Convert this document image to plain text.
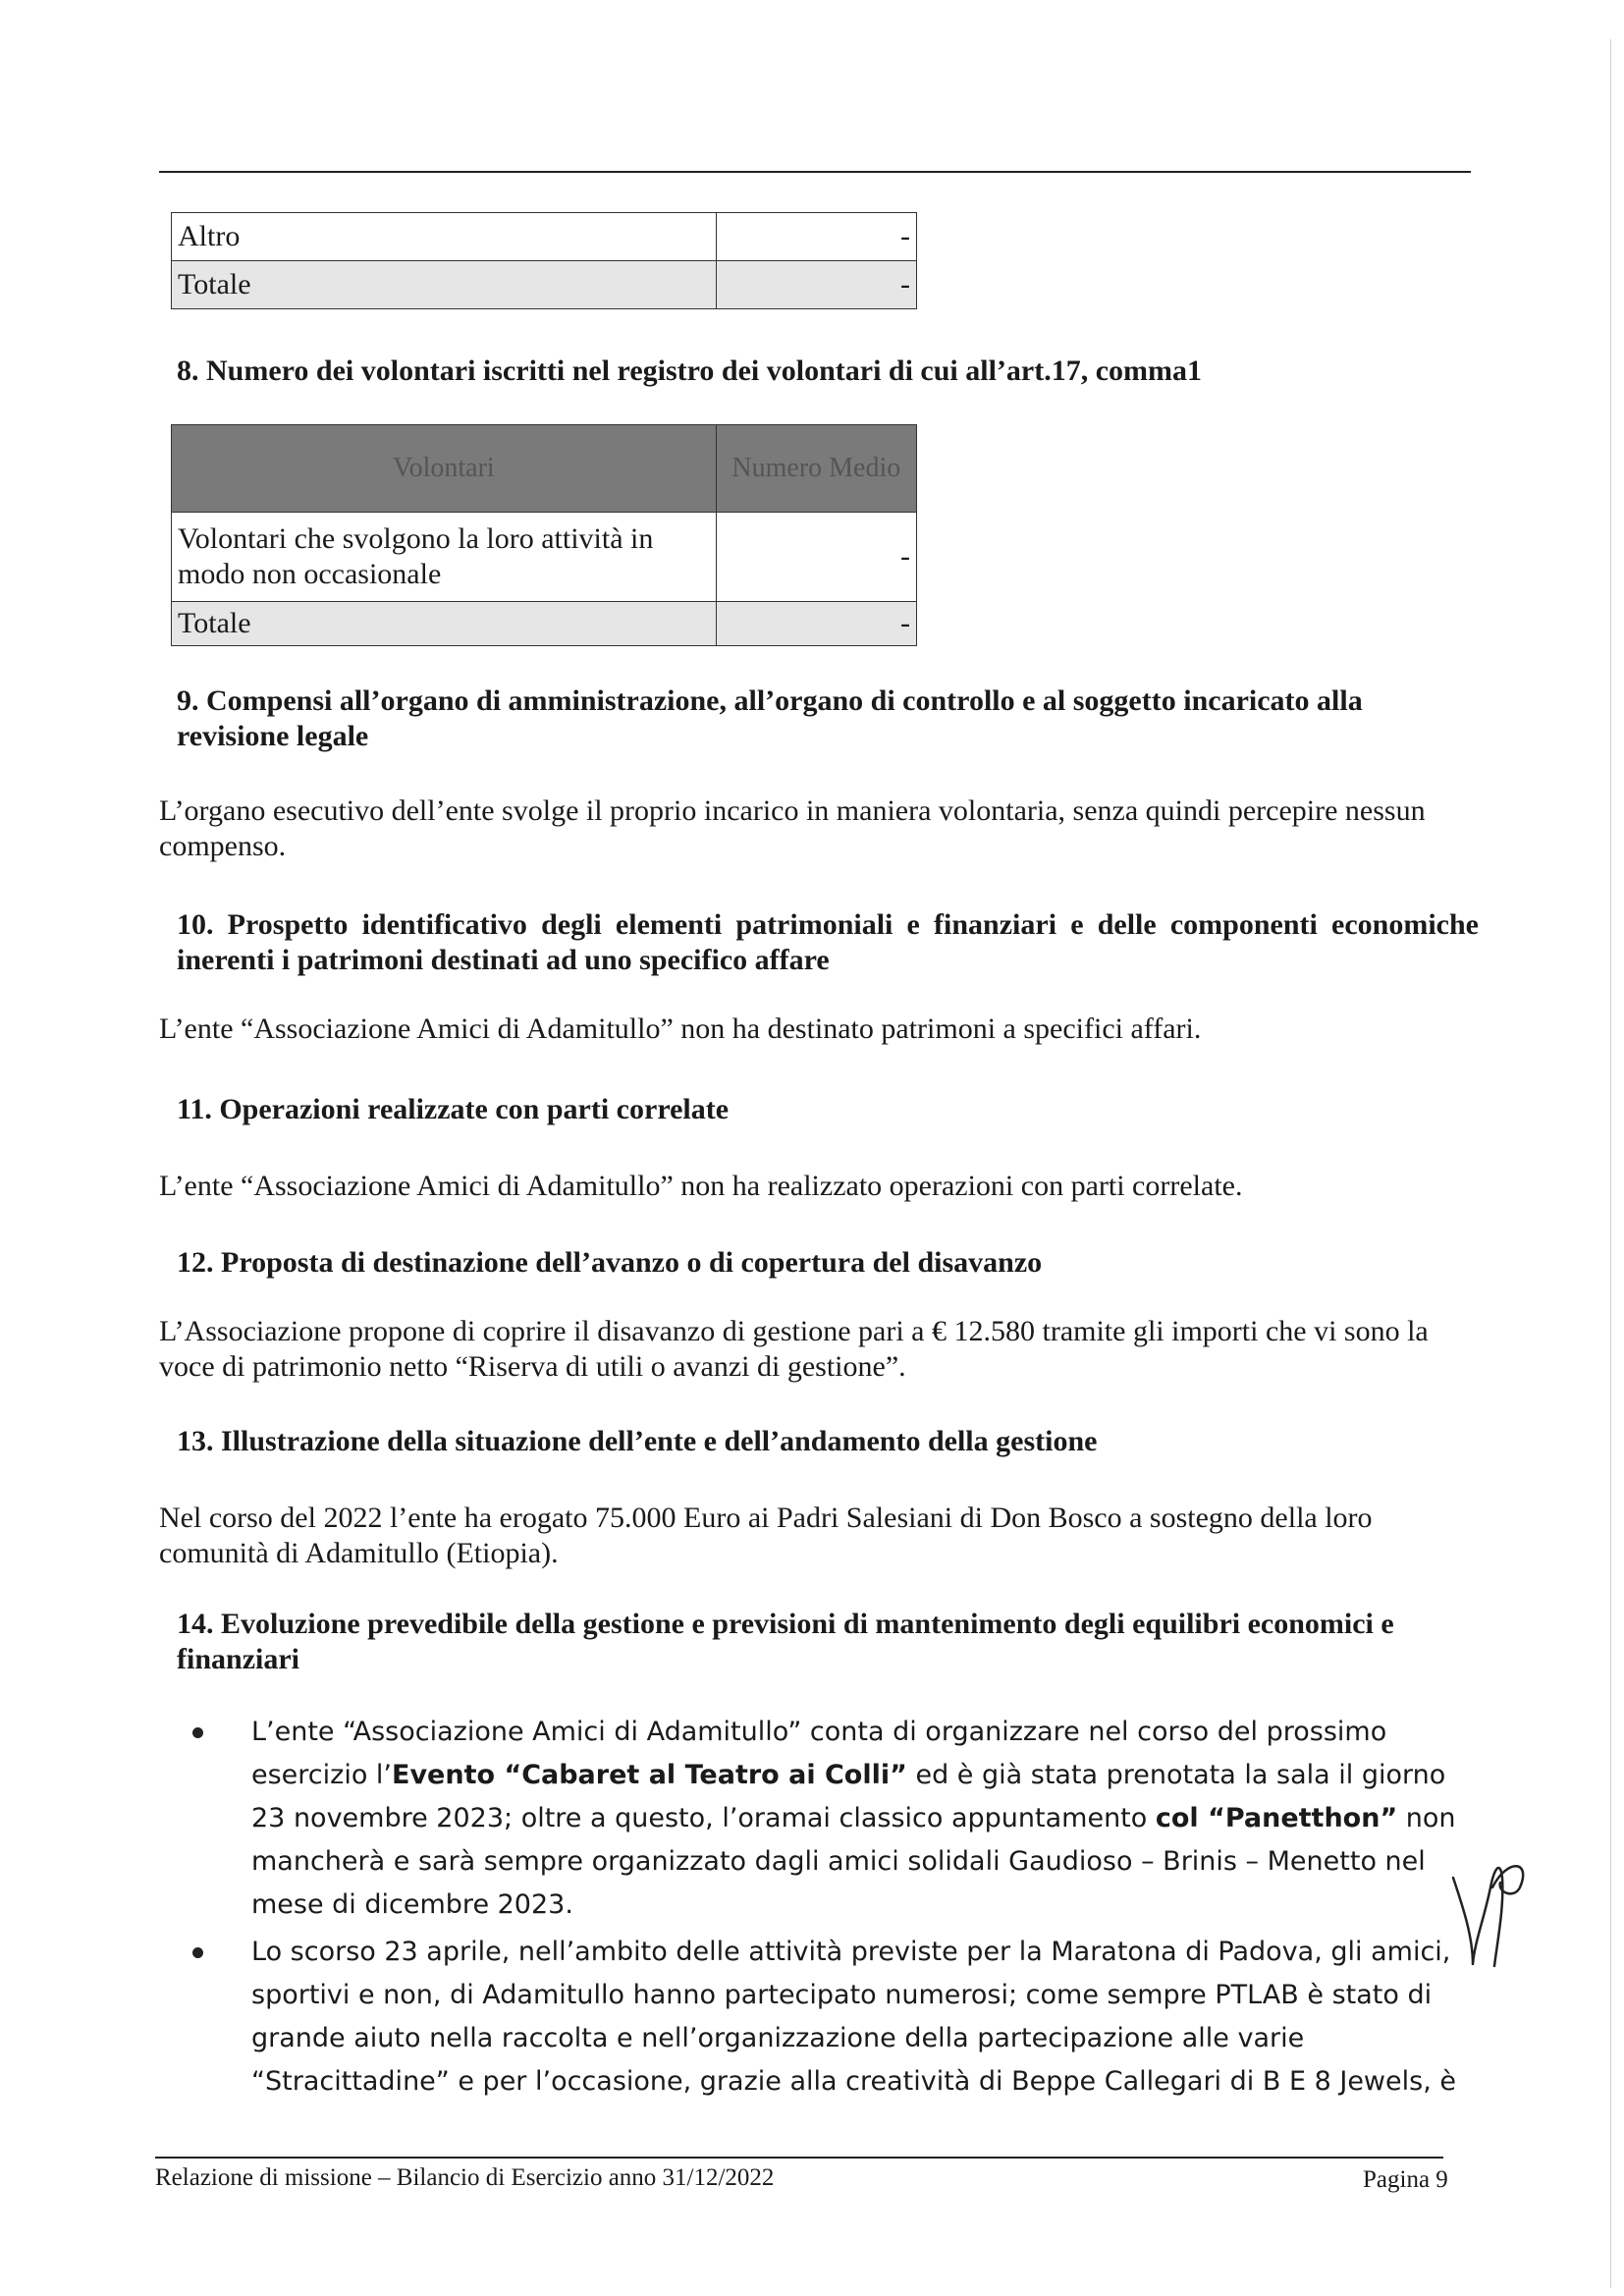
Altro	-
Totale	-
8. Numero dei volontari iscritti nel registro dei volontari di cui all’art.17, comma1
Volontari	Numero Medio
Volontari che svolgono la loro attività in modo non occasionale	-
Totale	-
9. Compensi all’organo di amministrazione, all’organo di controllo e al soggetto incaricato alla revisione legale
L’organo esecutivo dell’ente svolge il proprio incarico in maniera volontaria, senza quindi percepire nessun compenso.
10. Prospetto identificativo degli elementi patrimoniali e finanziari e delle componenti economiche inerenti i patrimoni destinati ad uno specifico affare
L’ente “Associazione Amici di Adamitullo” non ha destinato patrimoni a specifici affari.
11. Operazioni realizzate con parti correlate
L’ente “Associazione Amici di Adamitullo” non ha realizzato operazioni con parti correlate.
12. Proposta di destinazione dell’avanzo o di copertura del disavanzo
L’Associazione propone di coprire il disavanzo di gestione pari a € 12.580 tramite gli importi che vi sono la voce di patrimonio netto “Riserva di utili o avanzi di gestione”.
13. Illustrazione della situazione dell’ente e dell’andamento della gestione
Nel corso del 2022 l’ente ha erogato 75.000 Euro ai Padri Salesiani di Don Bosco a sostegno della loro comunità di Adamitullo (Etiopia).
14. Evoluzione prevedibile della gestione e previsioni di mantenimento degli equilibri economici e finanziari
L’ente “Associazione Amici di Adamitullo” conta di organizzare nel corso del prossimo esercizio l’Evento “Cabaret al Teatro ai Colli” ed è già stata prenotata la sala il giorno 23 novembre 2023; oltre a questo, l’oramai classico appuntamento col “Panetthon” non mancherà e sarà sempre organizzato dagli amici solidali Gaudioso – Brinis – Menetto nel mese di dicembre 2023.
Lo scorso 23 aprile, nell’ambito delle attività previste per la Maratona di Padova, gli amici, sportivi e non, di Adamitullo hanno partecipato numerosi; come sempre PTLAB è stato di grande aiuto nella raccolta e nell’organizzazione della partecipazione alle varie “Stracittadine” e per l’occasione, grazie alla creatività di Beppe Callegari di B E 8 Jewels, è
Relazione di missione – Bilancio di Esercizio anno 31/12/2022	Pagina 9
